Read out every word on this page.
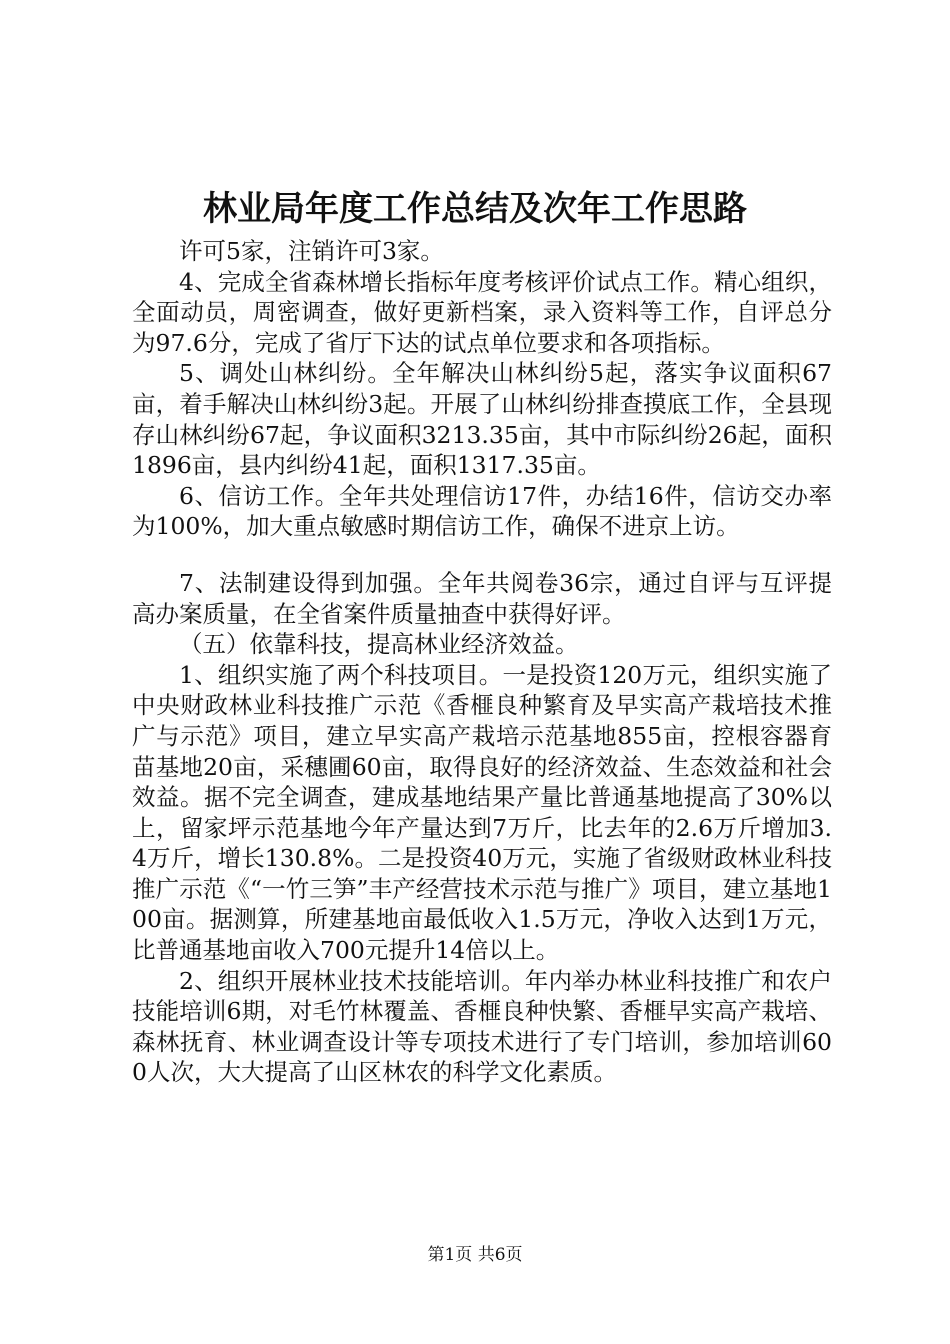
林业局年度工作总结及次年工作思路

许可5家，注销许可3家。

4、完成全省森林增长指标年度考核评价试点工作。精心组织，全面动员，周密调查，做好更新档案，录入资料等工作，自评总分为97.6分，完成了省厅下达的试点单位要求和各项指标。

5、调处山林纠纷。全年解决山林纠纷5起，落实争议面积67亩，着手解决山林纠纷3起。开展了山林纠纷排查摸底工作，全县现存山林纠纷67起，争议面积3213.35亩，其中市际纠纷26起，面积1896亩，县内纠纷41起，面积1317.35亩。

6、信访工作。全年共处理信访17件，办结16件，信访交办率为100%，加大重点敏感时期信访工作，确保不进京上访。

7、法制建设得到加强。全年共阅卷36宗，通过自评与互评提高办案质量，在全省案件质量抽查中获得好评。

（五）依靠科技，提高林业经济效益。

1、组织实施了两个科技项目。一是投资120万元，组织实施了中央财政林业科技推广示范《香榧良种繁育及早实高产栽培技术推广与示范》项目，建立早实高产栽培示范基地855亩，控根容器育苗基地20亩，采穗圃60亩，取得良好的经济效益、生态效益和社会效益。据不完全调查，建成基地结果产量比普通基地提高了30%以上，留家坪示范基地今年产量达到7万斤，比去年的2.6万斤增加3.4万斤，增长130.8%。二是投资40万元，实施了省级财政林业科技推广示范《“一竹三笋”丰产经营技术示范与推广》项目，建立基地100亩。据测算，所建基地亩最低收入1.5万元，净收入达到1万元，比普通基地亩收入700元提升14倍以上。

2、组织开展林业技术技能培训。年内举办林业科技推广和农户技能培训6期，对毛竹林覆盖、香榧良种快繁、香榧早实高产栽培、森林抚育、林业调查设计等专项技术进行了专门培训，参加培训600人次，大大提高了山区林农的科学文化素质。

第1页 共6页
